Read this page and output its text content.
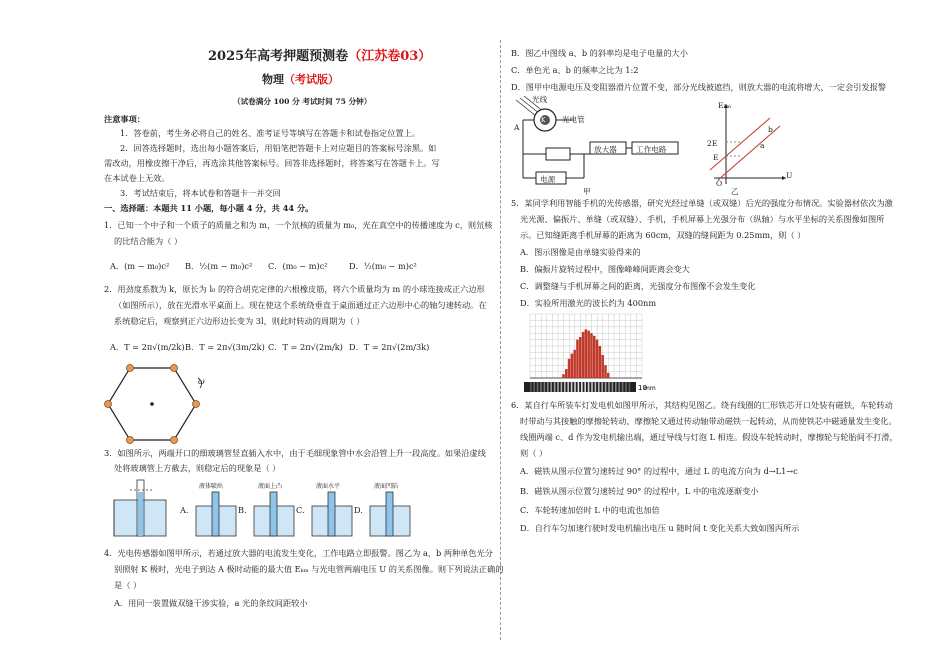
2025年高考押题预测卷（江苏卷03）
物理（考试版）
（试卷满分 100 分 考试时间 75 分钟）
注意事项：
1．答卷前，考生务必将自己的姓名、准考证号等填写在答题卡和试卷指定位置上。
2．回答选择题时，选出每小题答案后，用铅笔把答题卡上对应题目的答案标号涂黑。如
需改动，用橡皮擦干净后，再选涂其他答案标号。回答非选择题时，将答案写在答题卡上。写
在本试卷上无效。
3．考试结束后，将本试卷和答题卡一并交回
一、选择题：本题共 11 小题，每小题 4 分，共 44 分。
1．已知一个中子和一个质子的质量之和为 m，一个氘核的质量为 m₀，光在真空中的传播速度为 c，则氘核
的比结合能为（ ）
A．(m − m₀)c² B．½(m − m₀)c² C．(m₀ − m)c²	D．½(m₀ − m)c²
2．用劲度系数为 k，原长为 l₀ 的符合胡克定律的六根橡皮筋，将六个质量均为 m 的小球连接成正六边形
（如图所示），放在光滑水平桌面上。现在使这个系统绕垂直于桌面通过正六边形中心的轴匀速转动。在
系统稳定后，观察到正六边形边长变为 3l，则此时转动的周期为（ ）
A．T = 2π√(m/2k) B．T = 2π√(3m/2k) C．T = 2π√(2m/k) D．T = 2π√(2m/3k)
ω
3．如图所示，两端开口的细玻璃管竖直插入水中，由于毛细现象管中水会沿管上升一段高度。如果沿虚线
处将玻璃管上方截去，则稳定后的现象是（ ）
液体喷出	液面上凸	液面水平	液面凹陷
A.	B.	C.	D.
4．光电传感器如图甲所示，若通过放大器的电流发生变化，工作电路立即报警。图乙为 a，b 两种单色光分
别照射 K 极时，光电子到达 A 极时动能的最大值 Eₖₘ 与光电管两端电压 U 的关系图像。则下列说法正确的
是（ ）
A．用同一装置做双缝干涉实验，a 光的条纹间距较小
B．图乙中图线 a、b 的斜率均是电子电量的大小
C．单色光 a、b 的频率之比为 1:2
D．图甲中电源电压及变阻器滑片位置不变，部分光线被遮挡，则放大器的电流将增大，一定会引发报警
光线
光电管
A
K
放大器	工作电路
电源
甲
Eₖₘ
2E
E
O
U
a
b
乙
5．某同学利用智能手机的光传感器，研究光经过单缝（或双缝）后光的强度分布情况。实验器材依次为激
光光源、偏振片、单缝（或双缝）、手机，手机屏幕上光强分布（纵轴）与水平坐标的关系图像如图所
示。已知缝距离手机屏幕的距离为 60cm，双缝的缝间距为 0.25mm，则（ ）
A．图示图像是由单缝实验得来的
B．偏振片旋转过程中，图像峰峰间距离会变大
C．调整缝与手机屏幕之间的距离，光强度分布图像不会发生变化
D．实验所用激光的波长约为 400nm
10
mm
6．某自行车所装车灯发电机如图甲所示，其结构见图乙。绕有线圈的匚形铁芯开口处装有磁铁，车轮转动
时带动与其接触的摩擦轮转动，摩擦轮又通过传动轴带动磁铁一起转动，从而使铁芯中磁通量发生变化。
线圈两端 c、d 作为发电机输出端，通过导线与灯泡 L 相连。假设车轮转动时，摩擦轮与轮胎间不打滑，
则（ ）
A．磁铁从图示位置匀速转过 90° 的过程中，通过 L 的电流方向为 d→L1→c
B．磁铁从图示位置匀速转过 90° 的过程中，L 中的电流逐渐变小
C．车轮转速加倍时 L 中的电流也加倍
D．自行车匀加速行驶时发电机输出电压 u 随时间 t 变化关系大致如图丙所示
